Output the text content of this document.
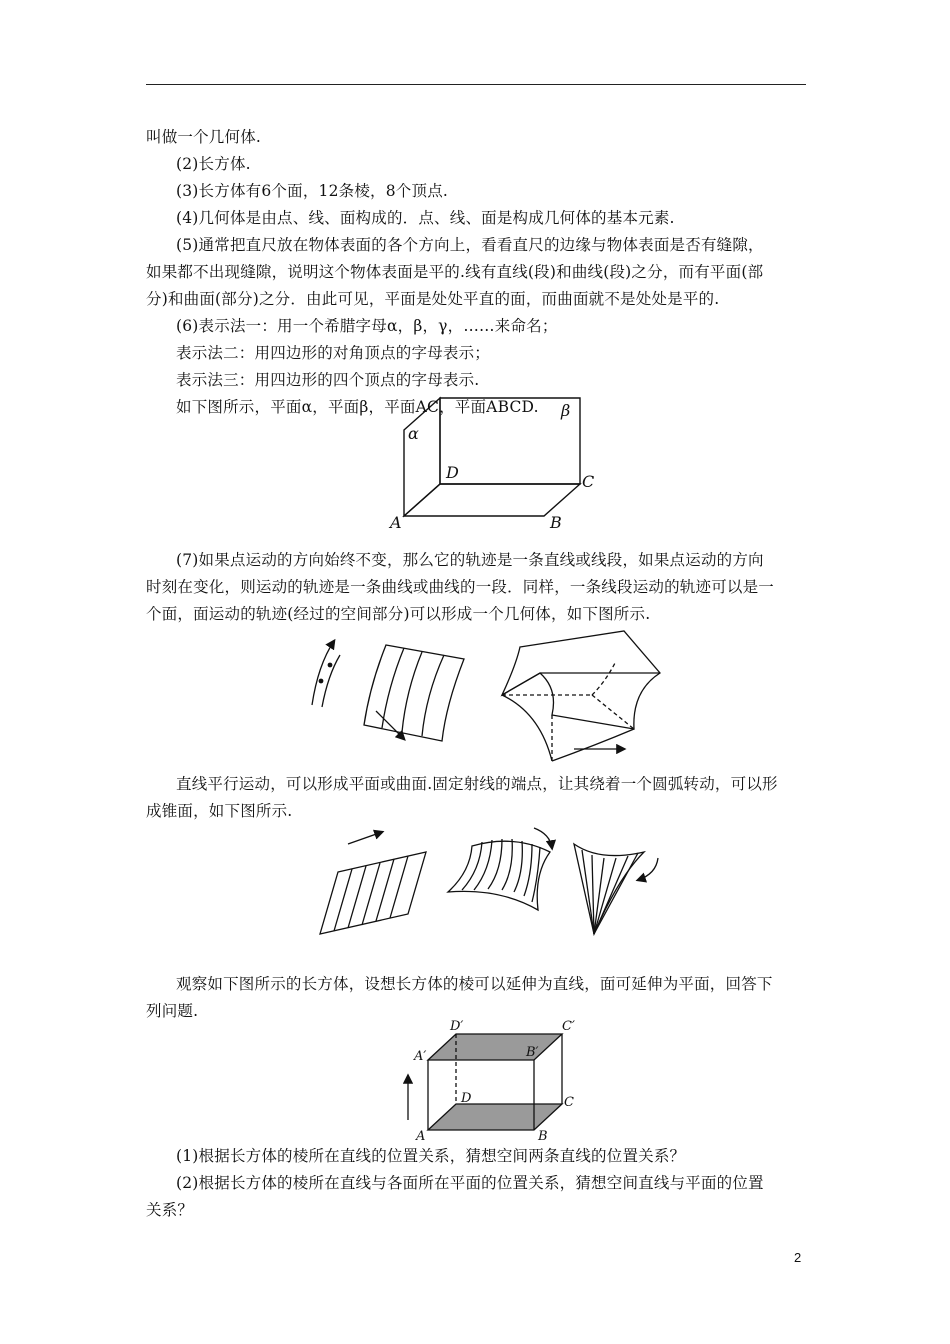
叫做一个几何体.
(2)长方体.
(3)长方体有6个面，12条棱，8个顶点.
(4)几何体是由点、线、面构成的．点、线、面是构成几何体的基本元素.
(5)通常把直尺放在物体表面的各个方向上，看看直尺的边缘与物体表面是否有缝隙，
如果都不出现缝隙，说明这个物体表面是平的.线有直线(段)和曲线(段)之分，而有平面(部
分)和曲面(部分)之分．由此可见，平面是处处平直的面，而曲面就不是处处是平的.
(6)表示法一：用一个希腊字母α，β，γ，……来命名；
表示法二：用四边形的对角顶点的字母表示；
表示法三：用四边形的四个顶点的字母表示.
如下图所示，平面α，平面β，平面AC，平面ABCD.
α
β
D	C
A	B
(7)如果点运动的方向始终不变，那么它的轨迹是一条直线或线段，如果点运动的方向
时刻在变化，则运动的轨迹是一条曲线或曲线的一段．同样，一条线段运动的轨迹可以是一
个面，面运动的轨迹(经过的空间部分)可以形成一个几何体，如下图所示.
直线平行运动，可以形成平面或曲面.固定射线的端点，让其绕着一个圆弧转动，可以形
成锥面，如下图所示.
观察如下图所示的长方体，设想长方体的棱可以延伸为直线，面可延伸为平面，回答下
列问题.
D′	C′
A′	B′
D	C
A	B
(1)根据长方体的棱所在直线的位置关系，猜想空间两条直线的位置关系？
(2)根据长方体的棱所在直线与各面所在平面的位置关系，猜想空间直线与平面的位置
关系？
2
